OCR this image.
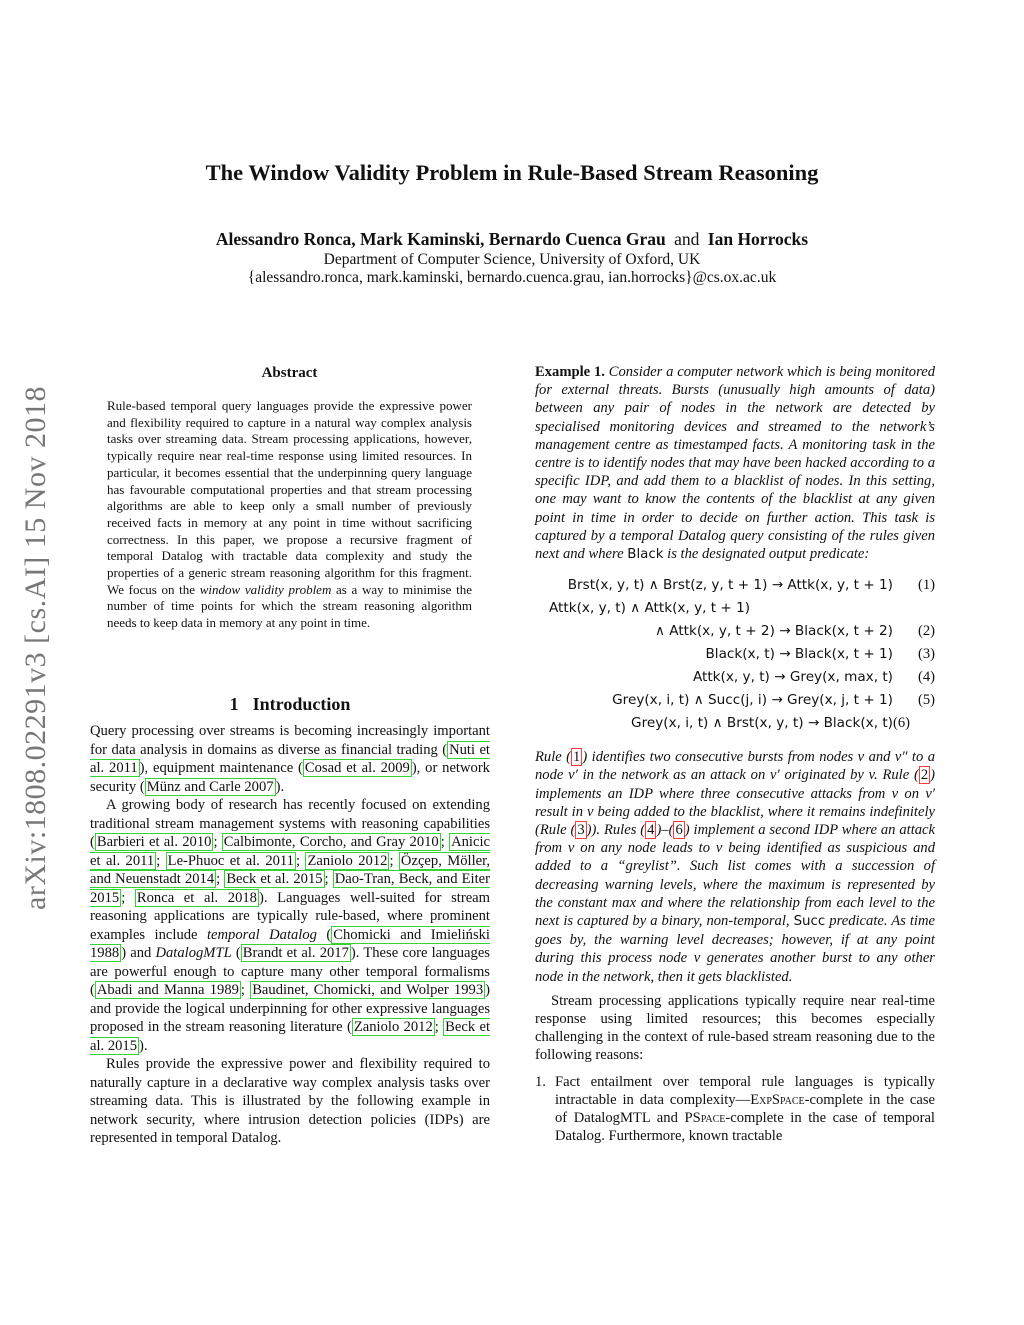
arXiv:1808.02291v3 [cs.AI] 15 Nov 2018
The Window Validity Problem in Rule-Based Stream Reasoning
Alessandro Ronca, Mark Kaminski, Bernardo Cuenca Grau and Ian Horrocks
Department of Computer Science, University of Oxford, UK
{alessandro.ronca, mark.kaminski, bernardo.cuenca.grau, ian.horrocks}@cs.ox.ac.uk
Abstract

Rule-based temporal query languages provide the expressive power and flexibility required to capture in a natural way complex analysis tasks over streaming data. Stream processing applications, however, typically require near real-time response using limited resources. In particular, it becomes essential that the underpinning query language has favourable computational properties and that stream processing algorithms are able to keep only a small number of previously received facts in memory at any point in time without sacrificing correctness. In this paper, we propose a recursive fragment of temporal Datalog with tractable data complexity and study the properties of a generic stream reasoning algorithm for this fragment. We focus on the window validity problem as a way to minimise the number of time points for which the stream reasoning algorithm needs to keep data in memory at any point in time.

1 Introduction

Query processing over streams is becoming increasingly important for data analysis in domains as diverse as financial trading ( Nuti et al. 2011 ), equipment maintenance ( Cosad et al. 2009 ), or network security ( Münz and Carle 2007 ).

A growing body of research has recently focused on extending traditional stream management systems with reasoning capabilities ( Barbieri et al. 2010 ; Calbimonte, Corcho, and Gray 2010 ; Anicic et al. 2011 ; Le-Phuoc et al. 2011 ; Zaniolo 2012 ; Özçep, Möller, and Neuenstadt 2014 ; Beck et al. 2015 ; Dao-Tran, Beck, and Eiter 2015 ; Ronca et al. 2018 ). Languages well-suited for stream reasoning applications are typically rule-based, where prominent examples include temporal Datalog ( Chomicki and Imieliński 1988 ) and DatalogMTL ( Brandt et al. 2017 ). These core languages are powerful enough to capture many other temporal formalisms ( Abadi and Manna 1989 ; Baudinet, Chomicki, and Wolper 1993 ) and provide the logical underpinning for other expressive languages proposed in the stream reasoning literature ( Zaniolo 2012 ; Beck et al. 2015 ).

Rules provide the expressive power and flexibility required to naturally capture in a declarative way complex analysis tasks over streaming data. This is illustrated by the following example in network security, where intrusion detection policies (IDPs) are represented in temporal Datalog.

Example 1. Consider a computer network which is being monitored for external threats. Bursts (unusually high amounts of data) between any pair of nodes in the network are detected by specialised monitoring devices and streamed to the network’s management centre as timestamped facts. A monitoring task in the centre is to identify nodes that may have been hacked according to a specific IDP, and add them to a blacklist of nodes. In this setting, one may want to know the contents of the blacklist at any given point in time in order to decide on further action. This task is captured by a temporal Datalog query consisting of the rules given next and where Black is the designated output predicate:

Brst(x, y, t) ∧ Brst(z, y, t + 1) → Attk(x, y, t + 1) (1)
Attk(x, y, t) ∧ Attk(x, y, t + 1)
∧ Attk(x, y, t + 2) → Black(x, t + 2) (2)
Black(x, t) → Black(x, t + 1) (3)
Attk(x, y, t) → Grey(x, max, t) (4)
Grey(x, i, t) ∧ Succ(j, i) → Grey(x, j, t + 1) (5)
Grey(x, i, t) ∧ Brst(x, y, t) → Black(x, t)(6)

Rule ( 1 ) identifies two consecutive bursts from nodes v and v″ to a node v′ in the network as an attack on v′ originated by v. Rule ( 2 ) implements an IDP where three consecutive attacks from v on v′ result in v being added to the blacklist, where it remains indefinitely (Rule ( 3 )). Rules ( 4 )–( 6 ) implement a second IDP where an attack from v on any node leads to v being identified as suspicious and added to a “greylist”. Such list comes with a succession of decreasing warning levels, where the maximum is represented by the constant max and where the relationship from each level to the next is captured by a binary, non-temporal, Succ predicate. As time goes by, the warning level decreases; however, if at any point during this process node v generates another burst to any other node in the network, then it gets blacklisted.

Stream processing applications typically require near real-time response using limited resources; this becomes especially challenging in the context of rule-based stream reasoning due to the following reasons:

1. Fact entailment over temporal rule languages is typically intractable in data complexity—ExpSpace-complete in the case of DatalogMTL and PSpace-complete in the case of temporal Datalog. Furthermore, known tractable
